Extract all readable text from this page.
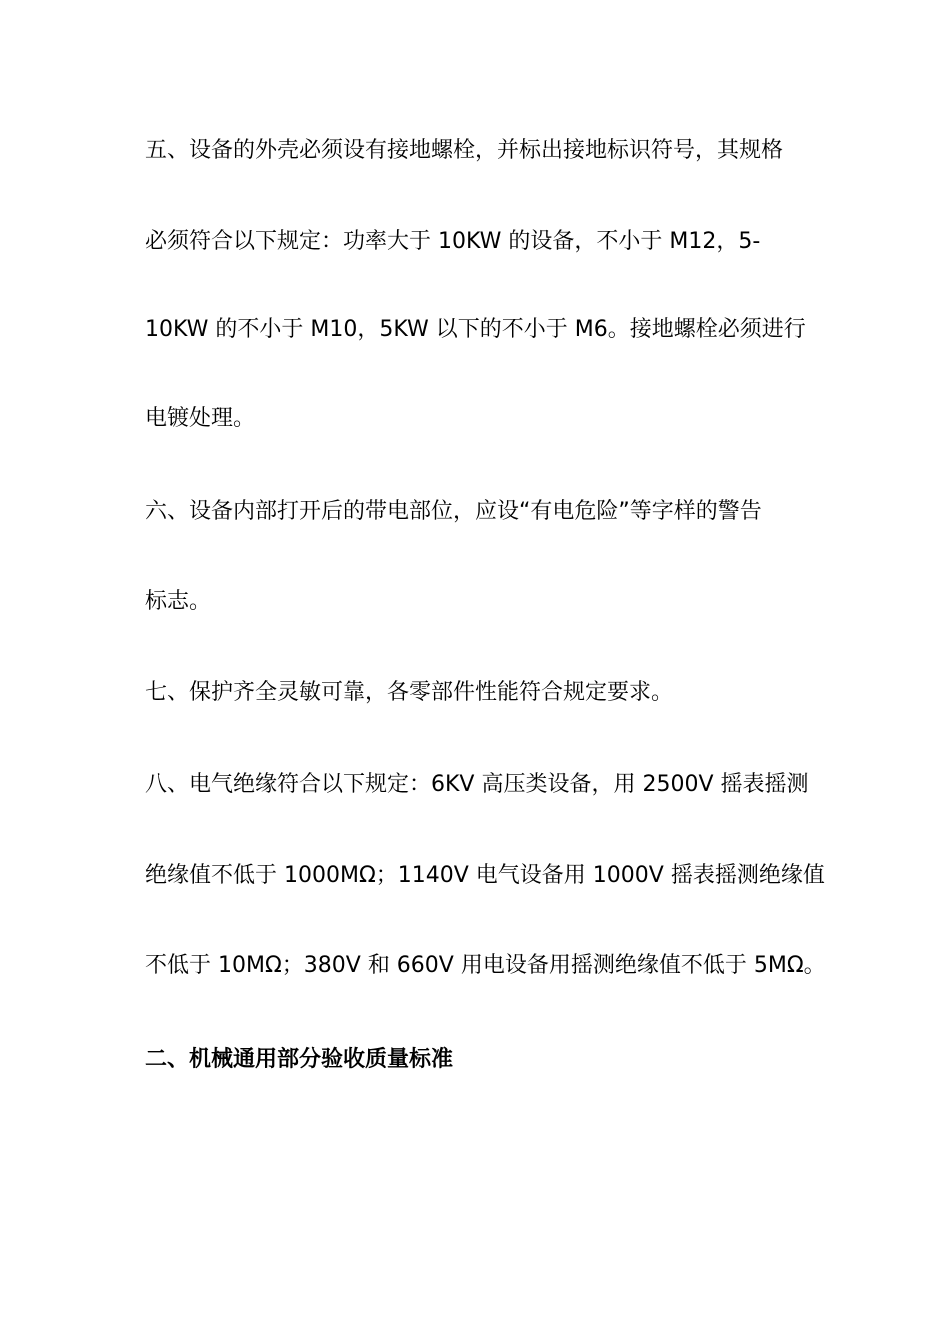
五、设备的外壳必须设有接地螺栓，并标出接地标识符号，其规格
必须符合以下规定：功率大于 10KW 的设备，不小于 M12，5-
10KW 的不小于 M10，5KW 以下的不小于 M6。接地螺栓必须进行
电镀处理。
六、设备内部打开后的带电部位，应设“有电危险”等字样的警告
标志。
七、保护齐全灵敏可靠，各零部件性能符合规定要求。
八、电气绝缘符合以下规定：6KV 高压类设备，用 2500V 摇表摇测
绝缘值不低于 1000MΩ；1140V 电气设备用 1000V 摇表摇测绝缘值
不低于 10MΩ；380V 和 660V 用电设备用摇测绝缘值不低于 5MΩ。
二、机械通用部分验收质量标准
